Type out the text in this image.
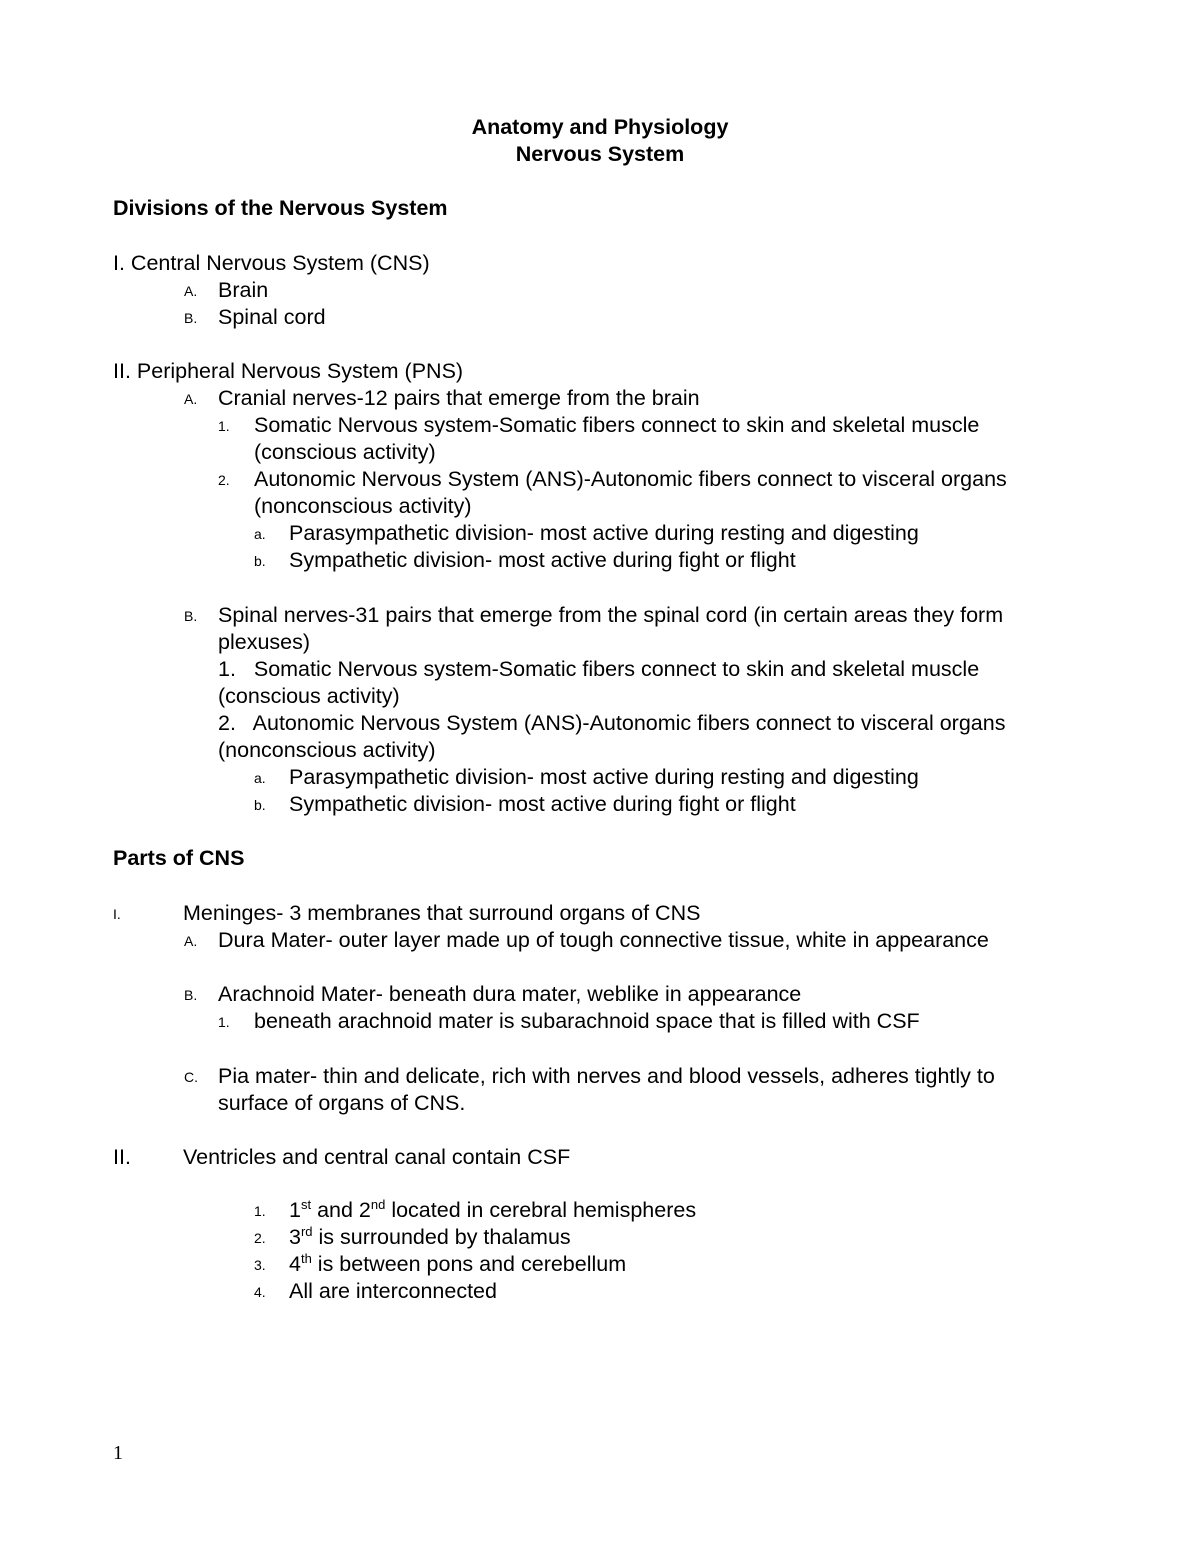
Anatomy and Physiology
Nervous System
Divisions of the Nervous System
I. Central Nervous System (CNS)
A. Brain
B. Spinal cord
II. Peripheral Nervous System (PNS)
A. Cranial nerves-12 pairs that emerge from the brain
1. Somatic Nervous system-Somatic fibers connect to skin and skeletal muscle
(conscious activity)
2. Autonomic Nervous System (ANS)-Autonomic fibers connect to visceral organs
(nonconscious activity)
a. Parasympathetic division- most active during resting and digesting
b. Sympathetic division- most active during fight or flight
B. Spinal nerves-31 pairs that emerge from the spinal cord (in certain areas they form
plexuses)
1.   Somatic Nervous system-Somatic fibers connect to skin and skeletal muscle
(conscious activity)
2.   Autonomic Nervous System (ANS)-Autonomic fibers connect to visceral organs
(nonconscious activity)
a. Parasympathetic division- most active during resting and digesting
b. Sympathetic division- most active during fight or flight
Parts of CNS
I.	Meninges- 3 membranes that surround organs of CNS
A. Dura Mater- outer layer made up of tough connective tissue, white in appearance
B. Arachnoid Mater- beneath dura mater, weblike in appearance
1. beneath arachnoid mater is subarachnoid space that is filled with CSF
C. Pia mater- thin and delicate, rich with nerves and blood vessels, adheres tightly to
surface of organs of CNS.
II. Ventricles and central canal contain CSF
1. 1st and 2nd located in cerebral hemispheres
2. 3rd is surrounded by thalamus
3. 4th is between pons and cerebellum
4. All are interconnected
1
